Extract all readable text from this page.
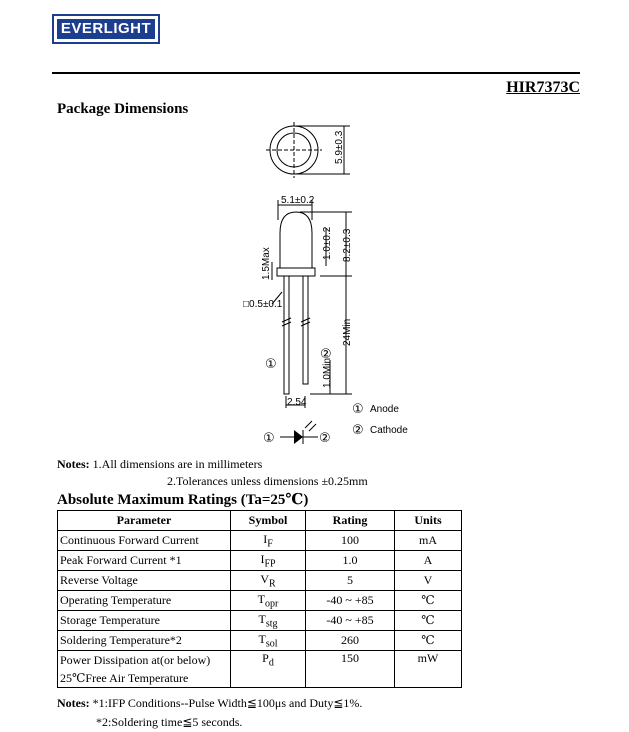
EVERLIGHT
HIR7373C
Package Dimensions
5.9±0.3
5.1±0.2
1.5Max
1.0±0.2 8.2±0.3
□0.5±0.1
24Min
1.0Min
2.54
①
②
① Anode
② Cathode
①	②
Notes: 1.All dimensions are in millimeters
2.Tolerances unless dimensions ±0.25mm
Absolute Maximum Ratings (Ta=25℃)
Parameter	Symbol	Rating	Units
Continuous Forward Current	$I_F$	100	mA
Peak Forward Current *1	$I_{FP}$	1.0	A
Reverse Voltage	$V_R$	5	V
Operating Temperature	$T_{opr}$	-40 ~ +85	℃
Storage Temperature	$T_{stg}$	-40 ~ +85	℃
Soldering Temperature*2	$T_{sol}$	260	℃

Power Dissipation at(or below)
25℃Free Air Temperature	$P_d$	150	mW
Notes: *1:IFP Conditions--Pulse Width≦100μs and Duty≦1%.
*2:Soldering time≦5 seconds.
